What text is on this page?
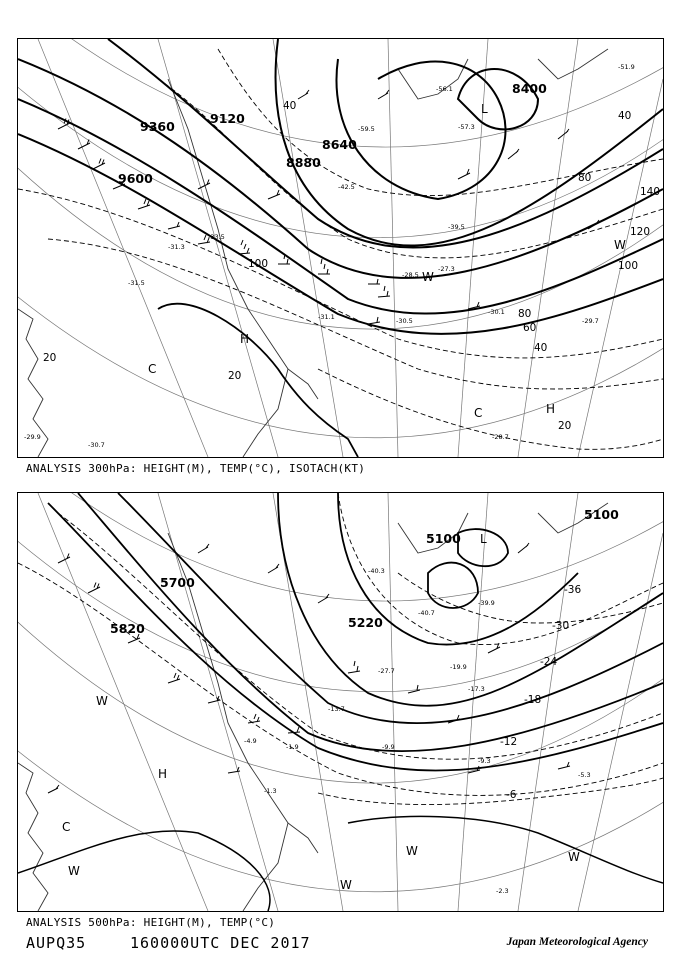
9360
9120
8880
8640
9600
8400
20
20
20
40
40
40
60
80
80
100
100
120
140
H
H
C
C
W
W
L
-59.5	-57.3
-56.1
-51.9
-42.5
-39.5
-33.5
-31.3
-30.1
-30.5	-29.7
-28.5
-27.3
-28.7
-30.7
-29.9
-31.1
-31.5
ANALYSIS 300hPa: HEIGHT(M), TEMP(°C), ISOTACH(KT)
5700
5820	5220
5100
5100
-36
-30
-24
-18
-12
-6
H
C
L
W
W
W	W
W
-40.3
-39.9
-40.7
-27.7	-19.9
-17.3
-13.7
-9.9
-9.3
-5.3
-2.3
-4.9
-1.9
-1.3
ANALYSIS 500hPa: HEIGHT(M), TEMP(°C)
AUPQ35	160000UTC DEC 2017	Japan Meteorological Agency
